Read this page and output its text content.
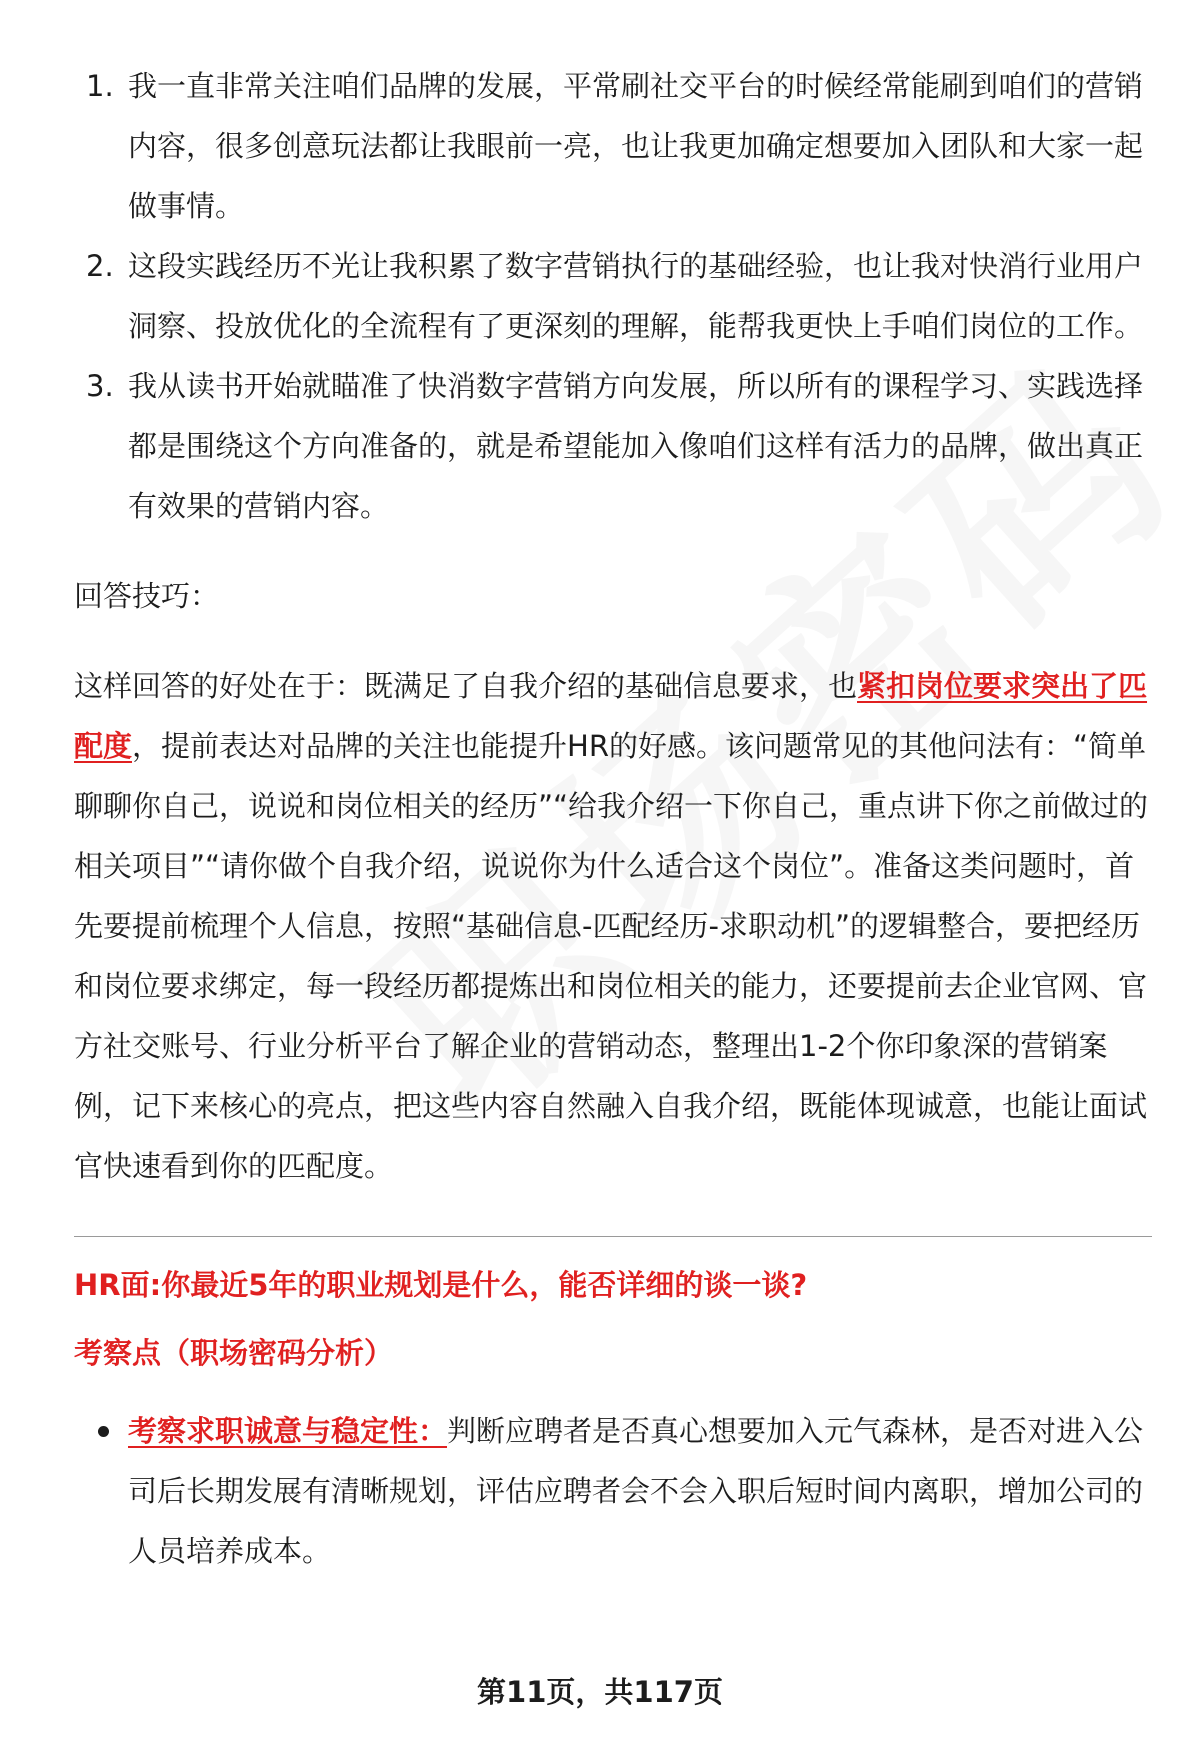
1. 我一直非常关注咱们品牌的发展，平常刷社交平台的时候经常能刷到咱们的营销内容，很多创意玩法都让我眼前一亮，也让我更加确定想要加入团队和大家一起做事情。
2. 这段实践经历不光让我积累了数字营销执行的基础经验，也让我对快消行业用户洞察、投放优化的全流程有了更深刻的理解，能帮我更快上手咱们岗位的工作。
3. 我从读书开始就瞄准了快消数字营销方向发展，所以所有的课程学习、实践选择都是围绕这个方向准备的，就是希望能加入像咱们这样有活力的品牌，做出真正有效果的营销内容。

回答技巧：

这样回答的好处在于：既满足了自我介绍的基础信息要求，也紧扣岗位要求突出了匹配度，提前表达对品牌的关注也能提升HR的好感。该问题常见的其他问法有：“简单聊聊你自己，说说和岗位相关的经历”“给我介绍一下你自己，重点讲下你之前做过的相关项目”“请你做个自我介绍，说说你为什么适合这个岗位”。准备这类问题时，首先要提前梳理个人信息，按照“基础信息-匹配经历-求职动机”的逻辑整合，要把经历和岗位要求绑定，每一段经历都提炼出和岗位相关的能力，还要提前去企业官网、官方社交账号、行业分析平台了解企业的营销动态，整理出1-2个你印象深的营销案例，记下来核心的亮点，把这些内容自然融入自我介绍，既能体现诚意，也能让面试官快速看到你的匹配度。

HR面:你最近5年的职业规划是什么，能否详细的谈一谈?

考察点（职场密码分析）

考察求职诚意与稳定性：判断应聘者是否真心想要加入元气森林，是否对进入公司后长期发展有清晰规划，评估应聘者会不会入职后短时间内离职，增加公司的人员培养成本。
第11页，共117页
